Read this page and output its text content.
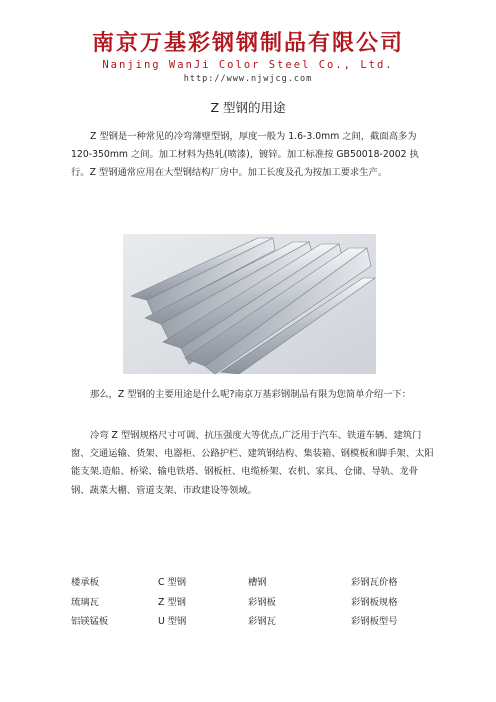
南京万基彩钢钢制品有限公司
Nanjing WanJi Color Steel Co., Ltd.
http://www.njwjcg.com
Z 型钢的用途

Z 型钢是一种常见的冷弯薄壁型钢，厚度一般为 1.6-3.0mm 之间，截面高多为 120-350mm 之间。加工材料为热轧(喷漆)，镀锌。加工标准按 GB50018-2002 执行。Z 型钢通常应用在大型钢结构厂房中。加工长度及孔为按加工要求生产。

那么，Z 型钢的主要用途是什么呢?南京万基彩钢制品有限为您简单介绍一下：

冷弯 Z 型钢规格尺寸可调、抗压强度大等优点,广泛用于汽车、铁道车辆、建筑门窗、交通运输、货架、电器柜、公路护栏、建筑钢结构、集装箱、钢模板和脚手架、太阳能支架.造船、桥梁、输电铁塔、钢板桩、电缆桥架、农机、家具、仓储、导轨、龙骨钢、蔬菜大棚、管道支架、市政建设等领域。

楼承板	C 型钢	槽钢	彩钢瓦价格
琉璃瓦	Z 型钢	彩钢板	彩钢板规格
铝镁锰板	U 型钢	彩钢瓦	彩钢板型号
